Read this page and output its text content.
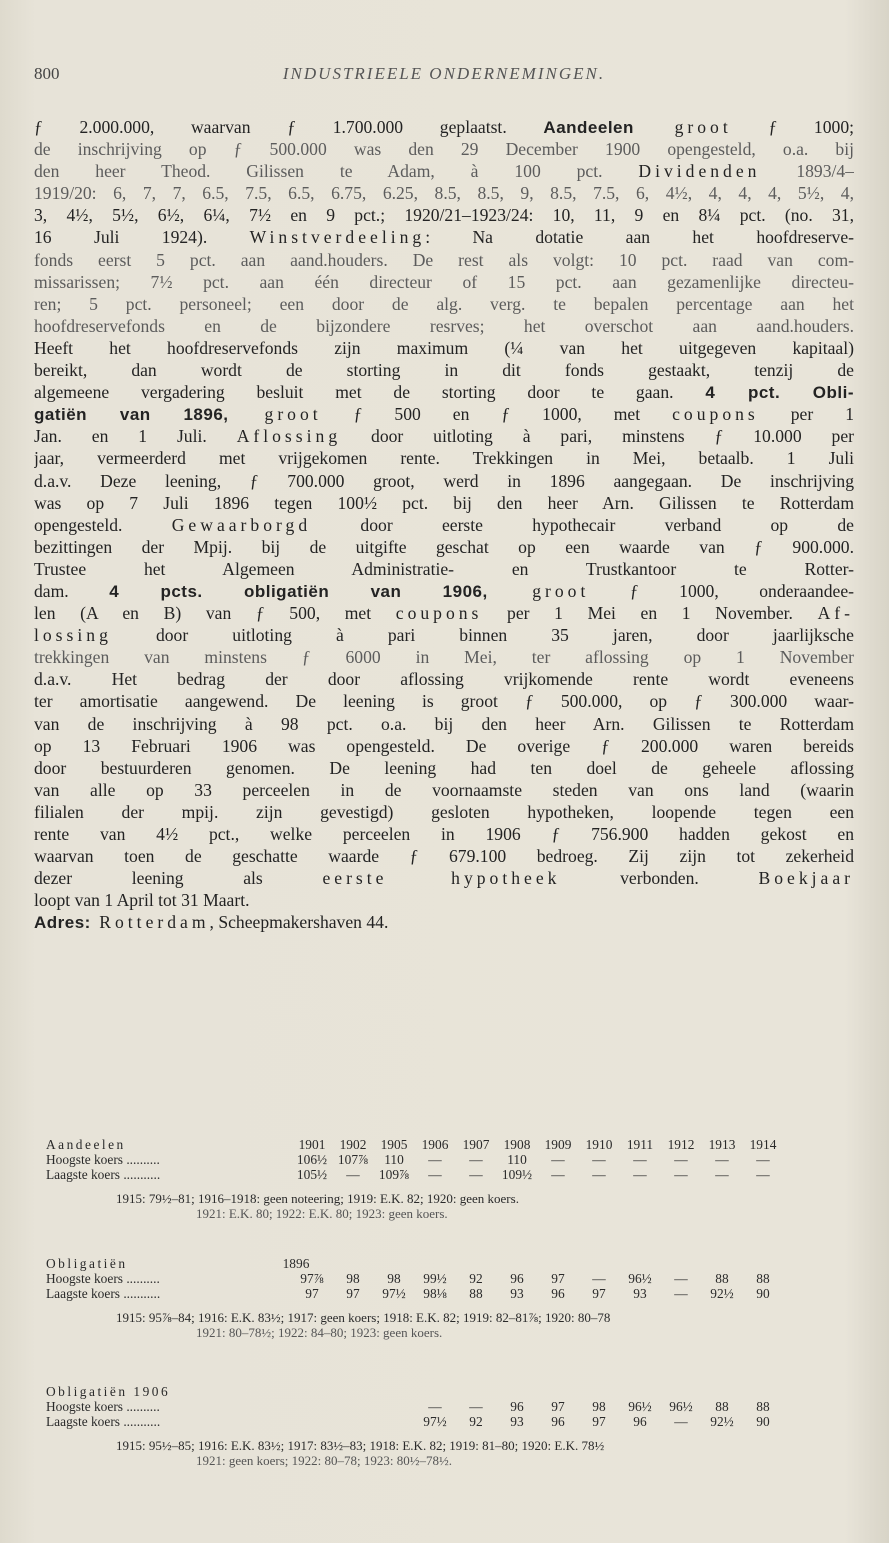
800	INDUSTRIEELE ONDERNEMINGEN.
ƒ 2.000.000, waarvan ƒ 1.700.000 geplaatst. Aandeelen groot ƒ 1000;
de inschrijving op ƒ 500.000 was den 29 December 1900 opengesteld, o.a. bij
den heer Theod. Gilissen te Adam, à 100 pct. Dividenden 1893/4–
1919/20: 6, 7, 7, 6.5, 7.5, 6.5, 6.75, 6.25, 8.5, 8.5, 9, 8.5, 7.5, 6, 4½, 4, 4, 4, 5½, 4,
3, 4½, 5½, 6½, 6¼, 7½ en 9 pct.; 1920/21–1923/24: 10, 11, 9 en 8¼ pct. (no. 31,
16 Juli 1924). Winstverdeeling: Na dotatie aan het hoofdreserve-
fonds eerst 5 pct. aan aand.houders. De rest als volgt: 10 pct. raad van com-
missarissen; 7½ pct. aan één directeur of 15 pct. aan gezamenlijke directeu-
ren; 5 pct. personeel; een door de alg. verg. te bepalen percentage aan het
hoofdreservefonds en de bijzondere resrves; het overschot aan aand.houders.
Heeft het hoofdreservefonds zijn maximum (¼ van het uitgegeven kapitaal)
bereikt, dan wordt de storting in dit fonds gestaakt, tenzij de
algemeene vergadering besluit met de storting door te gaan. 4 pct. Obli-
gatiën van 1896, groot ƒ 500 en ƒ 1000, met coupons per 1
Jan. en 1 Juli. Aflossing door uitloting à pari, minstens ƒ 10.000 per
jaar, vermeerderd met vrijgekomen rente. Trekkingen in Mei, betaalb. 1 Juli
d.a.v. Deze leening, ƒ 700.000 groot, werd in 1896 aangegaan. De inschrijving
was op 7 Juli 1896 tegen 100½ pct. bij den heer Arn. Gilissen te Rotterdam
opengesteld. Gewaarborgd door eerste hypothecair verband op de
bezittingen der Mpij. bij de uitgifte geschat op een waarde van ƒ 900.000.
Trustee het Algemeen Administratie- en Trustkantoor te Rotter-
dam. 4 pcts. obligatiën van 1906, groot ƒ 1000, onderaandee-
len (A en B) van ƒ 500, met coupons per 1 Mei en 1 November. Af-
lossing door uitloting à pari binnen 35 jaren, door jaarlijksche
trekkingen van minstens ƒ 6000 in Mei, ter aflossing op 1 November
d.a.v. Het bedrag der door aflossing vrijkomende rente wordt eveneens
ter amortisatie aangewend. De leening is groot ƒ 500.000, op ƒ 300.000 waar-
van de inschrijving à 98 pct. o.a. bij den heer Arn. Gilissen te Rotterdam
op 13 Februari 1906 was opengesteld. De overige ƒ 200.000 waren bereids
door bestuurderen genomen. De leening had ten doel de geheele aflossing
van alle op 33 perceelen in de voornaamste steden van ons land (waarin
filialen der mpij. zijn gevestigd) gesloten hypotheken, loopende tegen een
rente van 4½ pct., welke perceelen in 1906 ƒ 756.900 hadden gekost en
waarvan toen de geschatte waarde ƒ 679.100 bedroeg. Zij zijn tot zekerheid
dezer leening als eerste hypotheek verbonden. Boekjaar
loopt van 1 April tot 31 Maart.
Adres: Rotterdam, Scheepmakershaven 44.
Aandeelen	1901	1902	1905	1906	1907	1908	1909	1910	1911	1912	1913	1914
Hoogste koers ..........	106½ 107⅞	110	—	—	110	—	—	—	—	—	—
Laagste koers ...........	105½	—	109⅞	—	—	109½	—	—	—	—	—	—
1915: 79½–81; 1916–1918: geen noteering; 1919: E.K. 82; 1920: geen koers.
1921: E.K. 80; 1922: E.K. 80; 1923: geen koers.
Obligatiën	1896
Hoogste koers ..........	97⅞	98	98	99½	92	96	97	—	96½	—	88	88
Laagste koers ...........	97	97	97½	98⅛	88	93	96	97	93	—	92½	90
1915: 95⅞–84; 1916: E.K. 83½; 1917: geen koers; 1918: E.K. 82; 1919: 82–81⅞; 1920: 80–78
1921: 80–78½; 1922: 84–80; 1923: geen koers.
Obligatiën 1906
Hoogste koers ..........	—	—	96	97	98	96½	96½	88	88
Laagste koers ...........	97½	92	93	96	97	96	—	92½	90
1915: 95½–85; 1916: E.K. 83½; 1917: 83½–83; 1918: E.K. 82; 1919: 81–80; 1920: E.K. 78½
1921: geen koers; 1922: 80–78; 1923: 80½–78½.
